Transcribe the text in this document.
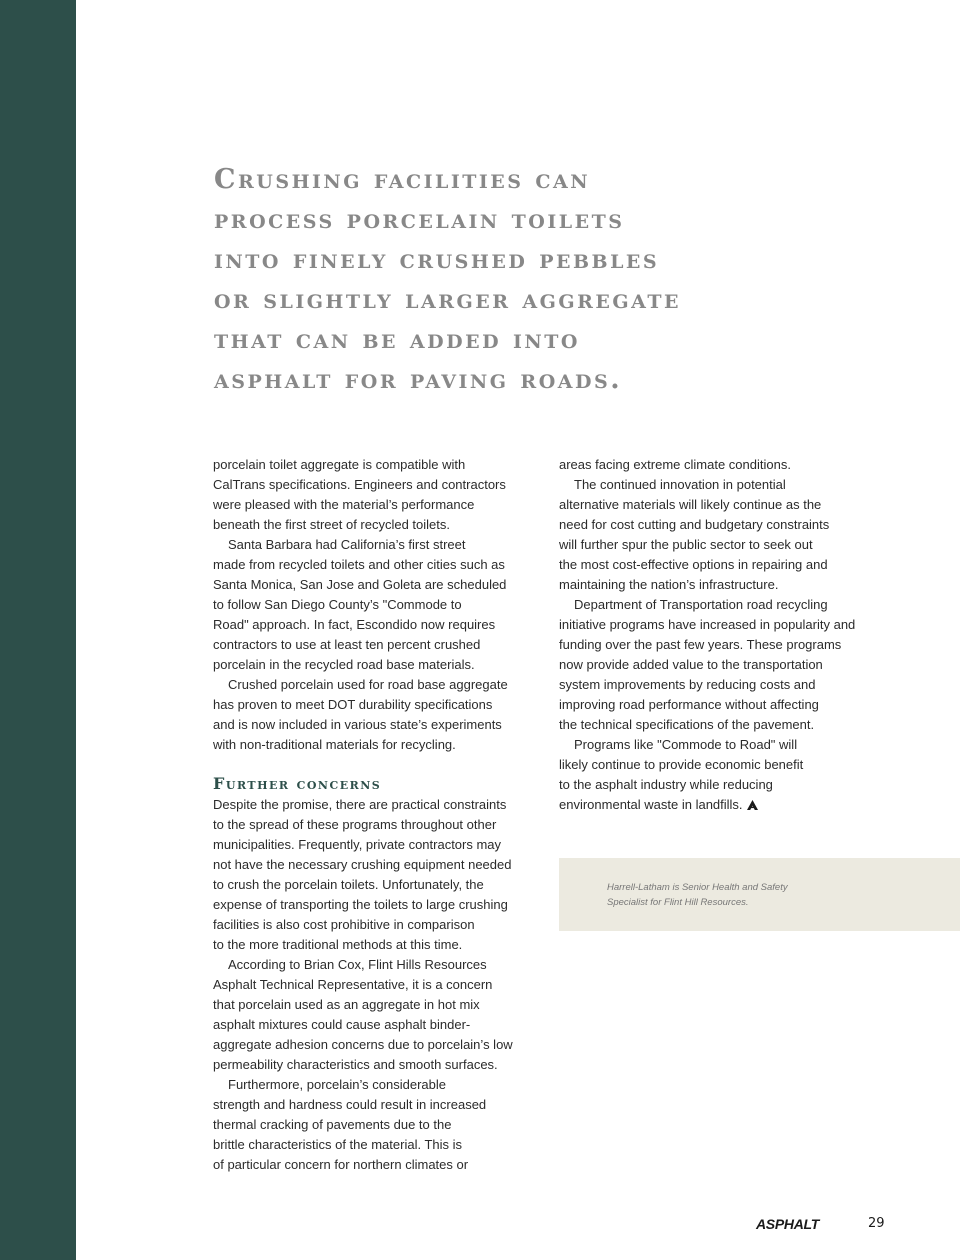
Crushing facilities can
process porcelain toilets
into finely crushed pebbles
or slightly larger aggregate
that can be added into
asphalt for paving roads.
porcelain toilet aggregate is compatible with
CalTrans specifications. Engineers and contractors
were pleased with the material’s performance
beneath the first street of recycled toilets.
Santa Barbara had California’s first street
made from recycled toilets and other cities such as
Santa Monica, San Jose and Goleta are scheduled
to follow San Diego County’s "Commode to
Road" approach. In fact, Escondido now requires
contractors to use at least ten percent crushed
porcelain in the recycled road base materials.
Crushed porcelain used for road base aggregate
has proven to meet DOT durability specifications
and is now included in various state’s experiments
with non-traditional materials for recycling.
Further concerns
Despite the promise, there are practical constraints
to the spread of these programs throughout other
municipalities. Frequently, private contractors may
not have the necessary crushing equipment needed
to crush the porcelain toilets. Unfortunately, the
expense of transporting the toilets to large crushing
facilities is also cost prohibitive in comparison
to the more traditional methods at this time.
According to Brian Cox, Flint Hills Resources
Asphalt Technical Representative, it is a concern
that porcelain used as an aggregate in hot mix
asphalt mixtures could cause asphalt binder-
aggregate adhesion concerns due to porcelain’s low
permeability characteristics and smooth surfaces.
Furthermore, porcelain’s considerable
strength and hardness could result in increased
thermal cracking of pavements due to the
brittle characteristics of the material. This is
of particular concern for northern climates or
areas facing extreme climate conditions.
The continued innovation in potential
alternative materials will likely continue as the
need for cost cutting and budgetary constraints
will further spur the public sector to seek out
the most cost-effective options in repairing and
maintaining the nation’s infrastructure.
Department of Transportation road recycling
initiative programs have increased in popularity and
funding over the past few years. These programs
now provide added value to the transportation
system improvements by reducing costs and
improving road performance without affecting
the technical specifications of the pavement.
Programs like "Commode to Road" will
likely continue to provide economic benefit
to the asphalt industry while reducing
environmental waste in landfills.
Harrell-Latham is Senior Health and Safety
Specialist for Flint Hill Resources.
ASPHALT	29
